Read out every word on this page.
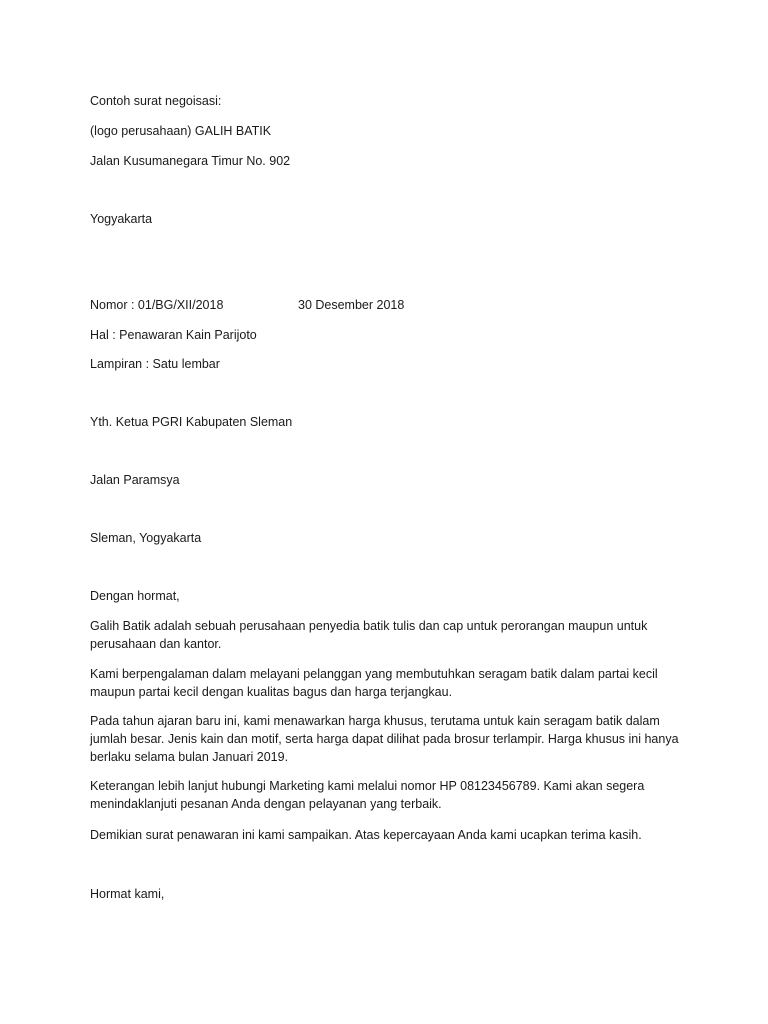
Contoh surat negoisasi:
(logo perusahaan) GALIH BATIK
Jalan Kusumanegara Timur No. 902
Yogyakarta
Nomor : 01/BG/XII/2018	30 Desember 2018
Hal : Penawaran Kain Parijoto
Lampiran : Satu lembar
Yth. Ketua PGRI Kabupaten Sleman
Jalan Paramsya
Sleman, Yogyakarta
Dengan hormat,
Galih Batik adalah sebuah perusahaan penyedia batik tulis dan cap untuk perorangan maupun untuk perusahaan dan kantor.
Kami berpengalaman dalam melayani pelanggan yang membutuhkan seragam batik dalam partai kecil maupun partai kecil dengan kualitas bagus dan harga terjangkau.
Pada tahun ajaran baru ini, kami menawarkan harga khusus, terutama untuk kain seragam batik dalam jumlah besar. Jenis kain dan motif, serta harga dapat dilihat pada brosur terlampir. Harga khusus ini hanya berlaku selama bulan Januari 2019.
Keterangan lebih lanjut hubungi Marketing kami melalui nomor HP 08123456789. Kami akan segera menindaklanjuti pesanan Anda dengan pelayanan yang terbaik.
Demikian surat penawaran ini kami sampaikan. Atas kepercayaan Anda kami ucapkan terima kasih.
Hormat kami,
